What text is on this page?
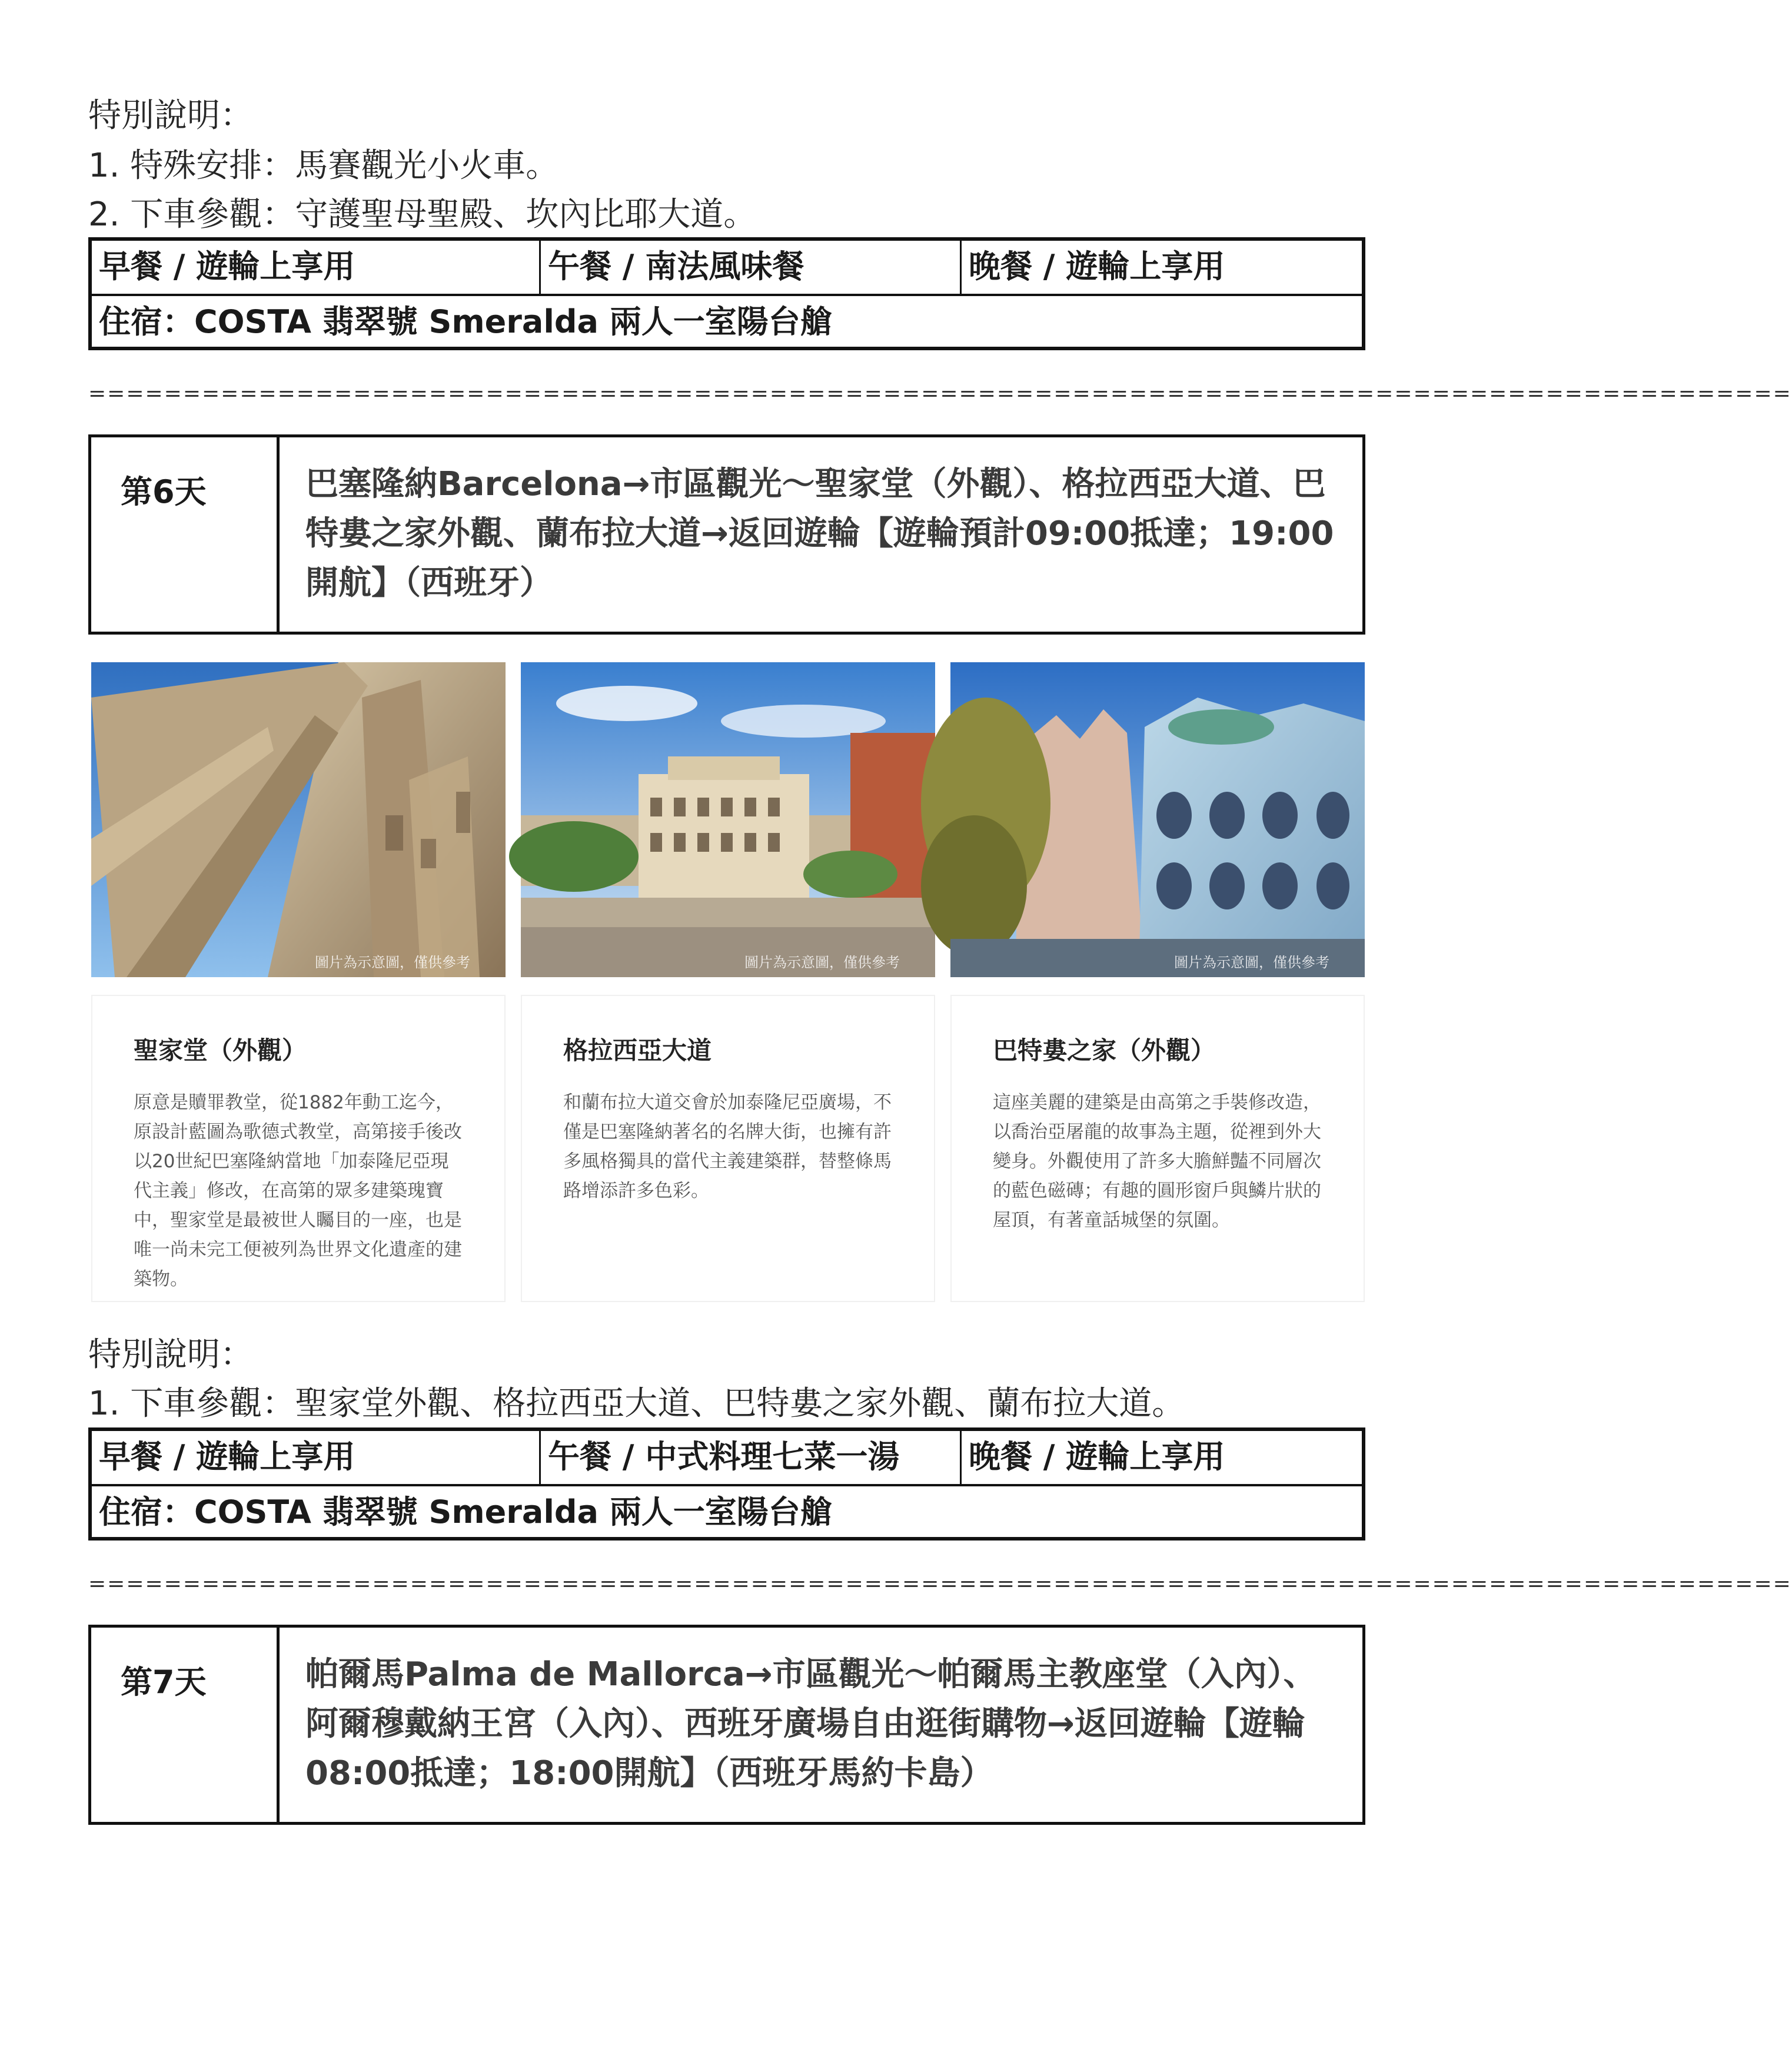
特別說明：
1. 特殊安排：馬賽觀光小火車。
2. 下車參觀：守護聖母聖殿、坎內比耶大道。
早餐 / 遊輪上享用	午餐 / 南法風味餐	晚餐 / 遊輪上享用
住宿：COSTA 翡翠號 Smeralda 兩人一室陽台艙
==========================================================================================
第6天	巴塞隆納Barcelona→市區觀光～聖家堂（外觀）、格拉西亞大道、巴特婁之家外觀、蘭布拉大道→返回遊輪【遊輪預計09:00抵達；19:00開航】（西班牙）
圖片為示意圖，僅供參考	圖片為示意圖，僅供參考	圖片為示意圖，僅供參考
聖家堂（外觀）
原意是贖罪教堂，從1882年動工迄今，原設計藍圖為歌德式教堂，高第接手後改以20世紀巴塞隆納當地「加泰隆尼亞現代主義」修改，在高第的眾多建築瑰寶中，聖家堂是最被世人矚目的一座，也是唯一尚未完工便被列為世界文化遺產的建築物。
格拉西亞大道
和蘭布拉大道交會於加泰隆尼亞廣場，不僅是巴塞隆納著名的名牌大街，也擁有許多風格獨具的當代主義建築群，替整條馬路增添許多色彩。
巴特婁之家（外觀）
這座美麗的建築是由高第之手裝修改造，以喬治亞屠龍的故事為主題，從裡到外大變身。外觀使用了許多大膽鮮豔不同層次的藍色磁磚；有趣的圓形窗戶與鱗片狀的屋頂，有著童話城堡的氛圍。
特別說明：
1. 下車參觀：聖家堂外觀、格拉西亞大道、巴特婁之家外觀、蘭布拉大道。
早餐 / 遊輪上享用	午餐 / 中式料理七菜一湯	晚餐 / 遊輪上享用
住宿：COSTA 翡翠號 Smeralda 兩人一室陽台艙
==========================================================================================
第7天	帕爾馬Palma de Mallorca→市區觀光～帕爾馬主教座堂（入內）、阿爾穆戴納王宮（入內）、西班牙廣場自由逛街購物→返回遊輪【遊輪08:00抵達；18:00開航】（西班牙馬約卡島）
